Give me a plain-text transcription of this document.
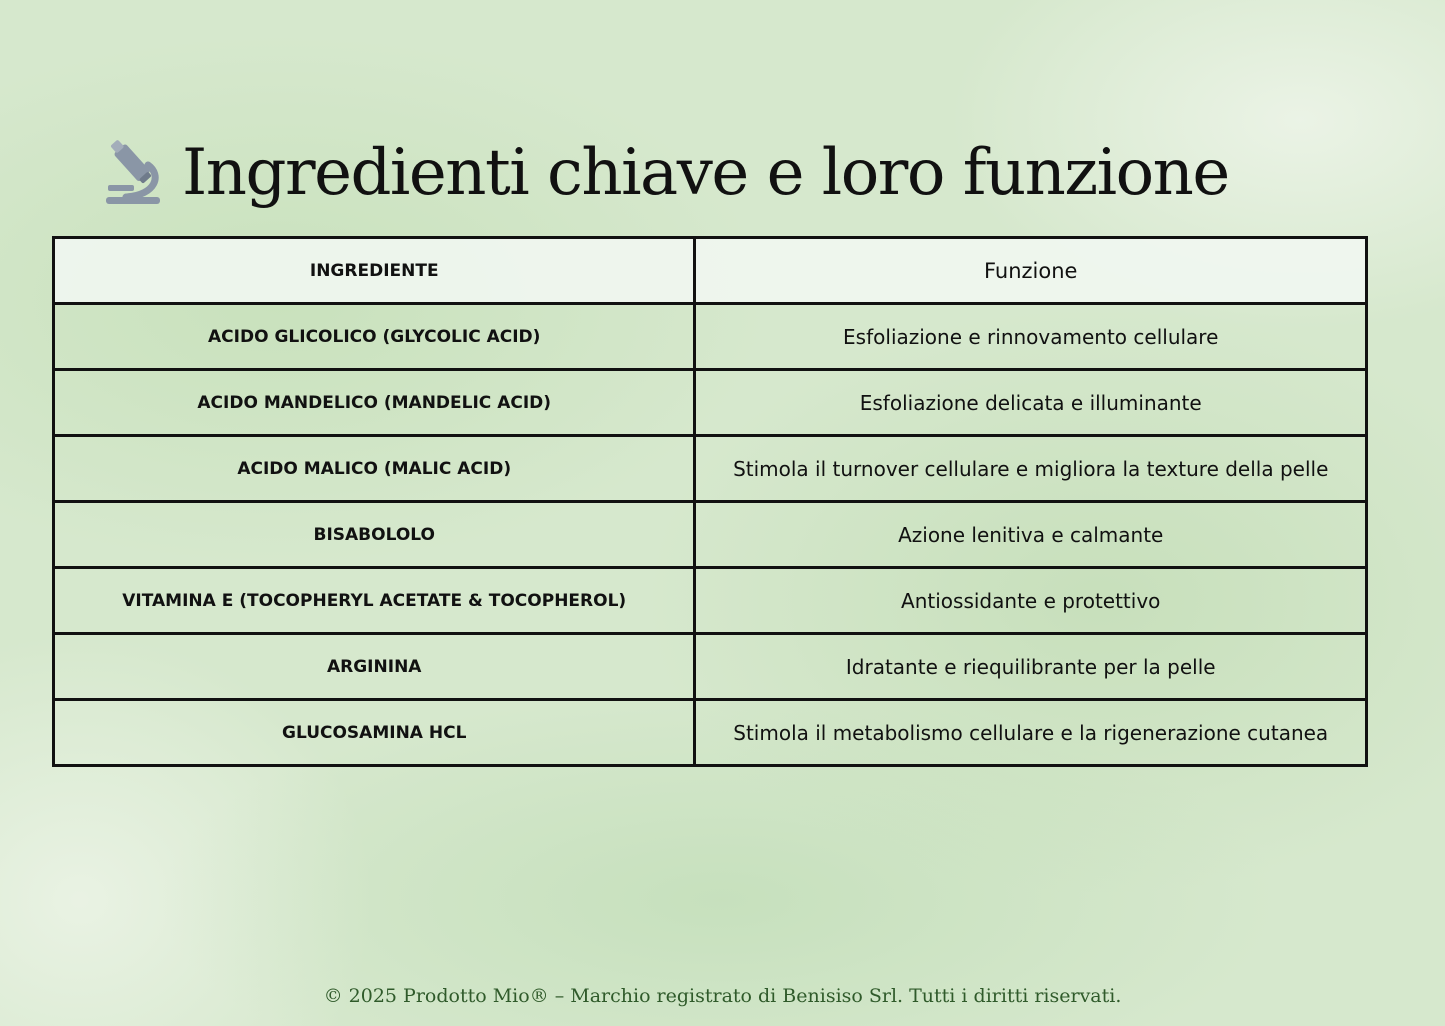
Ingredienti chiave e loro funzione
INGREDIENTE	Funzione
ACIDO GLICOLICO (GLYCOLIC ACID)	Esfoliazione e rinnovamento cellulare
ACIDO MANDELICO (MANDELIC ACID)	Esfoliazione delicata e illuminante
ACIDO MALICO (MALIC ACID)	Stimola il turnover cellulare e migliora la texture della pelle
BISABOLOLO	Azione lenitiva e calmante
VITAMINA E (TOCOPHERYL ACETATE & TOCOPHEROL)	Antiossidante e protettivo
ARGININA	Idratante e riequilibrante per la pelle
GLUCOSAMINA HCL	Stimola il metabolismo cellulare e la rigenerazione cutanea
© 2025 Prodotto Mio® – Marchio registrato di Benisiso Srl. Tutti i diritti riservati.
